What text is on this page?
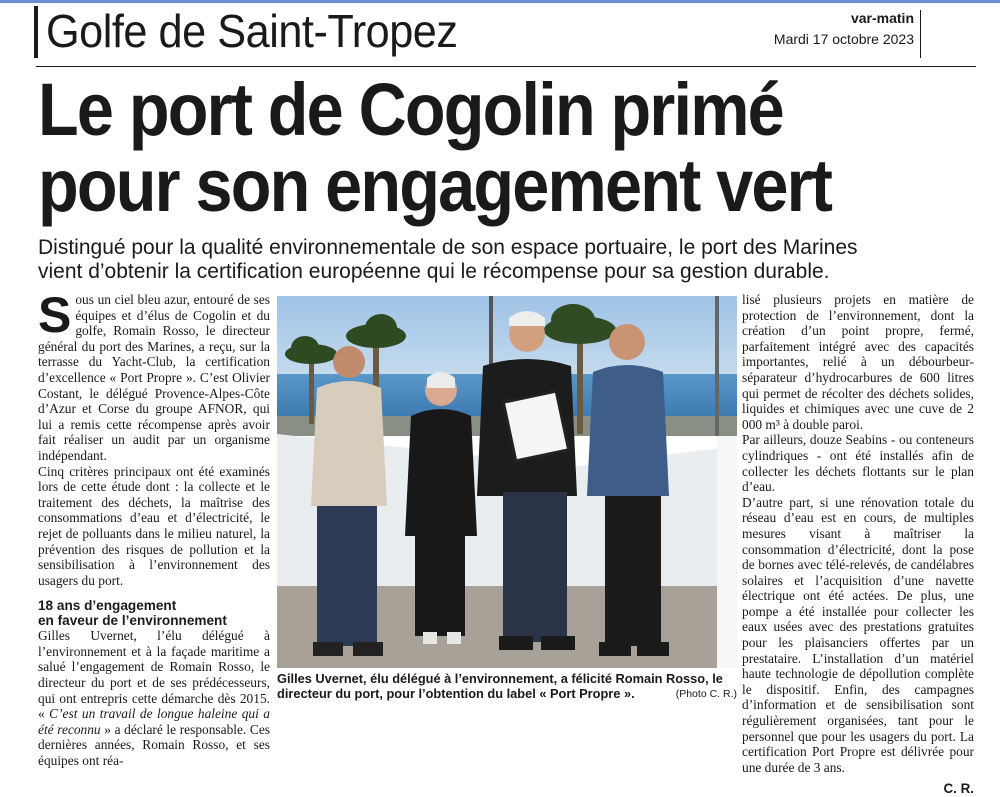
Golfe de Saint-Tropez	var-matin
Mardi 17 octobre 2023
Le port de Cogolin primé
pour son engagement vert
Distingué pour la qualité environnementale de son espace portuaire, le port des Marines
vient d’obtenir la certification européenne qui le récompense pour sa gestion durable.

Sous un ciel bleu azur, entouré de ses équipes et d’élus de Cogolin et du golfe, Romain Rosso, le directeur général du port des Marines, a reçu, sur la terrasse du Yacht-Club, la certification d’excellence « Port Propre ». C’est Olivier Costant, le délégué Provence-Alpes-Côte d’Azur et Corse du groupe AFNOR, qui lui a remis cette récompense après avoir fait réaliser un audit par un organisme indépendant.

Cinq critères principaux ont été examinés lors de cette étude dont : la collecte et le traitement des déchets, la maîtrise des consommations d’eau et d’électricité, le rejet de polluants dans le milieu naturel, la prévention des risques de pollution et la sensibilisation à l’environnement des usagers du port.

18 ans d’engagement
en faveur de l’environnement

Gilles Uvernet, l’élu délégué à l’environnement et à la façade maritime a salué l’engagement de Romain Rosso, le directeur du port et de ses prédécesseurs, qui ont entrepris cette démarche dès 2015. « C’est un travail de longue haleine qui a été reconnu » a déclaré le responsable. Ces dernières années, Romain Rosso, et ses équipes ont réa-

Gilles Uvernet, élu délégué à l’environnement, a félicité Romain Rosso, le directeur du port, pour l’obtention du label « Port Propre ».	(Photo C. R.)

lisé plusieurs projets en matière de protection de l’environnement, dont la création d’un point propre, fermé, parfaitement intégré avec des capacités importantes, relié à un débourbeur-séparateur d’hydrocarbures de 600 litres qui permet de récolter des déchets solides, liquides et chimiques avec une cuve de 2 000 m³ à double paroi.

Par ailleurs, douze Seabins - ou conteneurs cylindriques - ont été installés afin de collecter les déchets flottants sur le plan d’eau.

D’autre part, si une rénovation totale du réseau d’eau est en cours, de multiples mesures visant à maîtriser la consommation d’électricité, dont la pose de bornes avec télé-relevés, de candélabres solaires et l’acquisition d’une navette électrique ont été actées. De plus, une pompe a été installée pour collecter les eaux usées avec des prestations gratuites pour les plaisanciers offertes par un prestataire. L’installation d’un matériel haute technologie de dépollution complète le dispositif. Enfin, des campagnes d’information et de sensibilisation sont régulièrement organisées, tant pour le personnel que pour les usagers du port. La certification Port Propre est délivrée pour une durée de 3 ans.

C. R.
